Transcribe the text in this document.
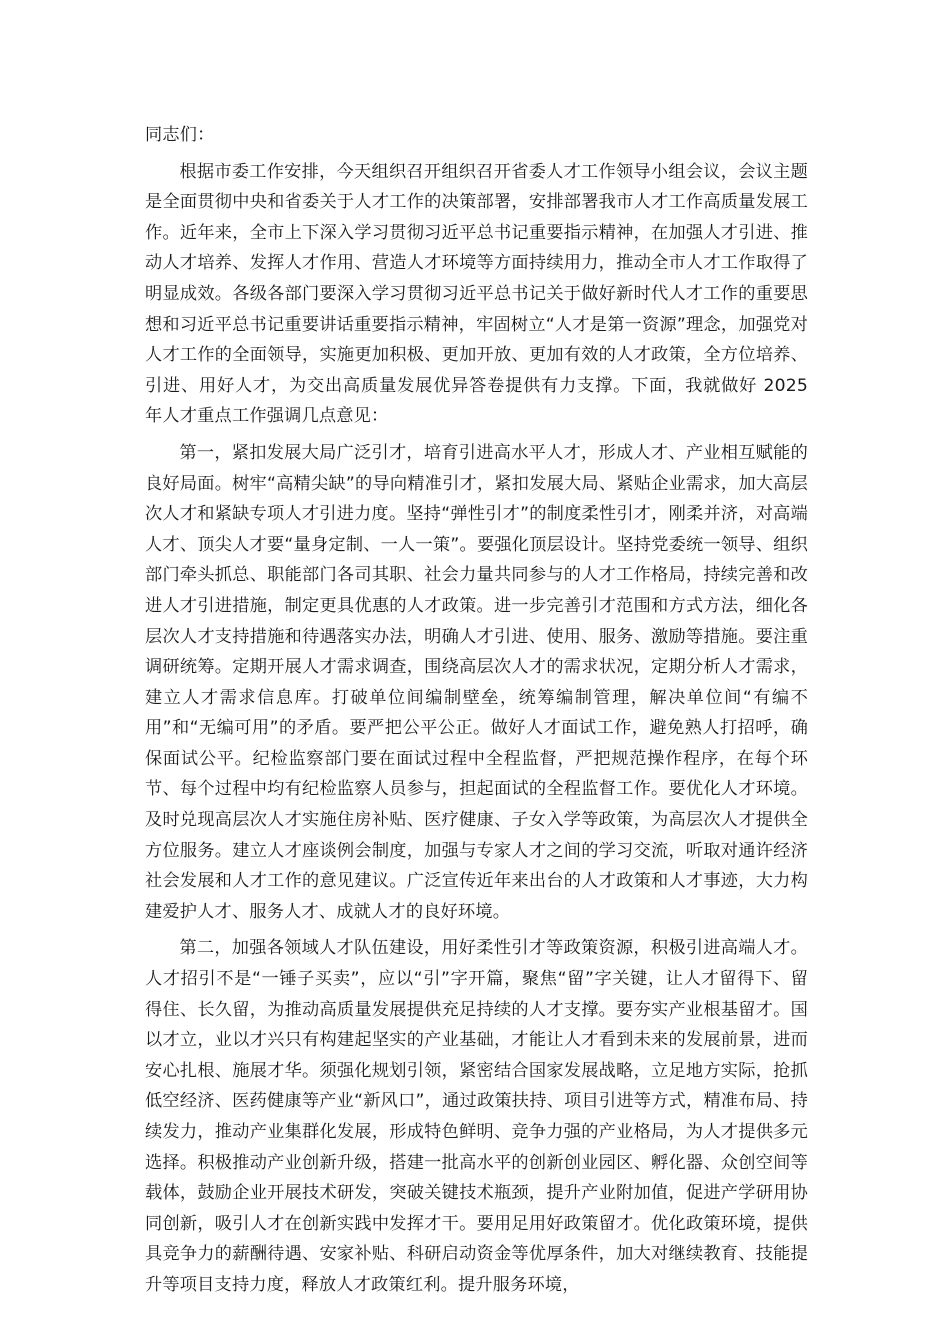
同志们：

根据市委工作安排，今天组织召开组织召开省委人才工作领导小组会议，会议主题是全面贯彻中央和省委关于人才工作的决策部署，安排部署我市人才工作高质量发展工作。近年来，全市上下深入学习贯彻习近平总书记重要指示精神，在加强人才引进、推动人才培养、发挥人才作用、营造人才环境等方面持续用力，推动全市人才工作取得了明显成效。各级各部门要深入学习贯彻习近平总书记关于做好新时代人才工作的重要思想和习近平总书记重要讲话重要指示精神，牢固树立“人才是第一资源”理念，加强党对人才工作的全面领导，实施更加积极、更加开放、更加有效的人才政策，全方位培养、引进、用好人才，为交出高质量发展优异答卷提供有力支撑。下面，我就做好 2025 年人才重点工作强调几点意见：

第一，紧扣发展大局广泛引才，培育引进高水平人才，形成人才、产业相互赋能的良好局面。树牢“高精尖缺”的导向精准引才，紧扣发展大局、紧贴企业需求，加大高层次人才和紧缺专项人才引进力度。坚持“弹性引才”的制度柔性引才，刚柔并济，对高端人才、顶尖人才要“量身定制、一人一策”。要强化顶层设计。坚持党委统一领导、组织部门牵头抓总、职能部门各司其职、社会力量共同参与的人才工作格局，持续完善和改进人才引进措施，制定更具优惠的人才政策。进一步完善引才范围和方式方法，细化各层次人才支持措施和待遇落实办法，明确人才引进、使用、服务、激励等措施。要注重调研统筹。定期开展人才需求调查，围绕高层次人才的需求状况，定期分析人才需求，建立人才需求信息库。打破单位间编制壁垒，统筹编制管理，解决单位间“有编不用”和“无编可用”的矛盾。要严把公平公正。做好人才面试工作，避免熟人打招呼，确保面试公平。纪检监察部门要在面试过程中全程监督，严把规范操作程序，在每个环节、每个过程中均有纪检监察人员参与，担起面试的全程监督工作。要优化人才环境。及时兑现高层次人才实施住房补贴、医疗健康、子女入学等政策，为高层次人才提供全方位服务。建立人才座谈例会制度，加强与专家人才之间的学习交流，听取对通许经济社会发展和人才工作的意见建议。广泛宣传近年来出台的人才政策和人才事迹，大力构建爱护人才、服务人才、成就人才的良好环境。

第二，加强各领域人才队伍建设，用好柔性引才等政策资源，积极引进高端人才。人才招引不是“一锤子买卖”，应以“引”字开篇，聚焦“留”字关键，让人才留得下、留得住、长久留，为推动高质量发展提供充足持续的人才支撑。要夯实产业根基留才。国以才立，业以才兴只有构建起坚实的产业基础，才能让人才看到未来的发展前景，进而安心扎根、施展才华。须强化规划引领，紧密结合国家发展战略，立足地方实际，抢抓低空经济、医药健康等产业“新风口”，通过政策扶持、项目引进等方式，精准布局、持续发力，推动产业集群化发展，形成特色鲜明、竞争力强的产业格局，为人才提供多元选择。积极推动产业创新升级，搭建一批高水平的创新创业园区、孵化器、众创空间等载体，鼓励企业开展技术研发，突破关键技术瓶颈，提升产业附加值，促进产学研用协同创新，吸引人才在创新实践中发挥才干。要用足用好政策留才。优化政策环境，提供具竞争力的薪酬待遇、安家补贴、科研启动资金等优厚条件，加大对继续教育、技能提升等项目支持力度，释放人才政策红利。提升服务环境，
